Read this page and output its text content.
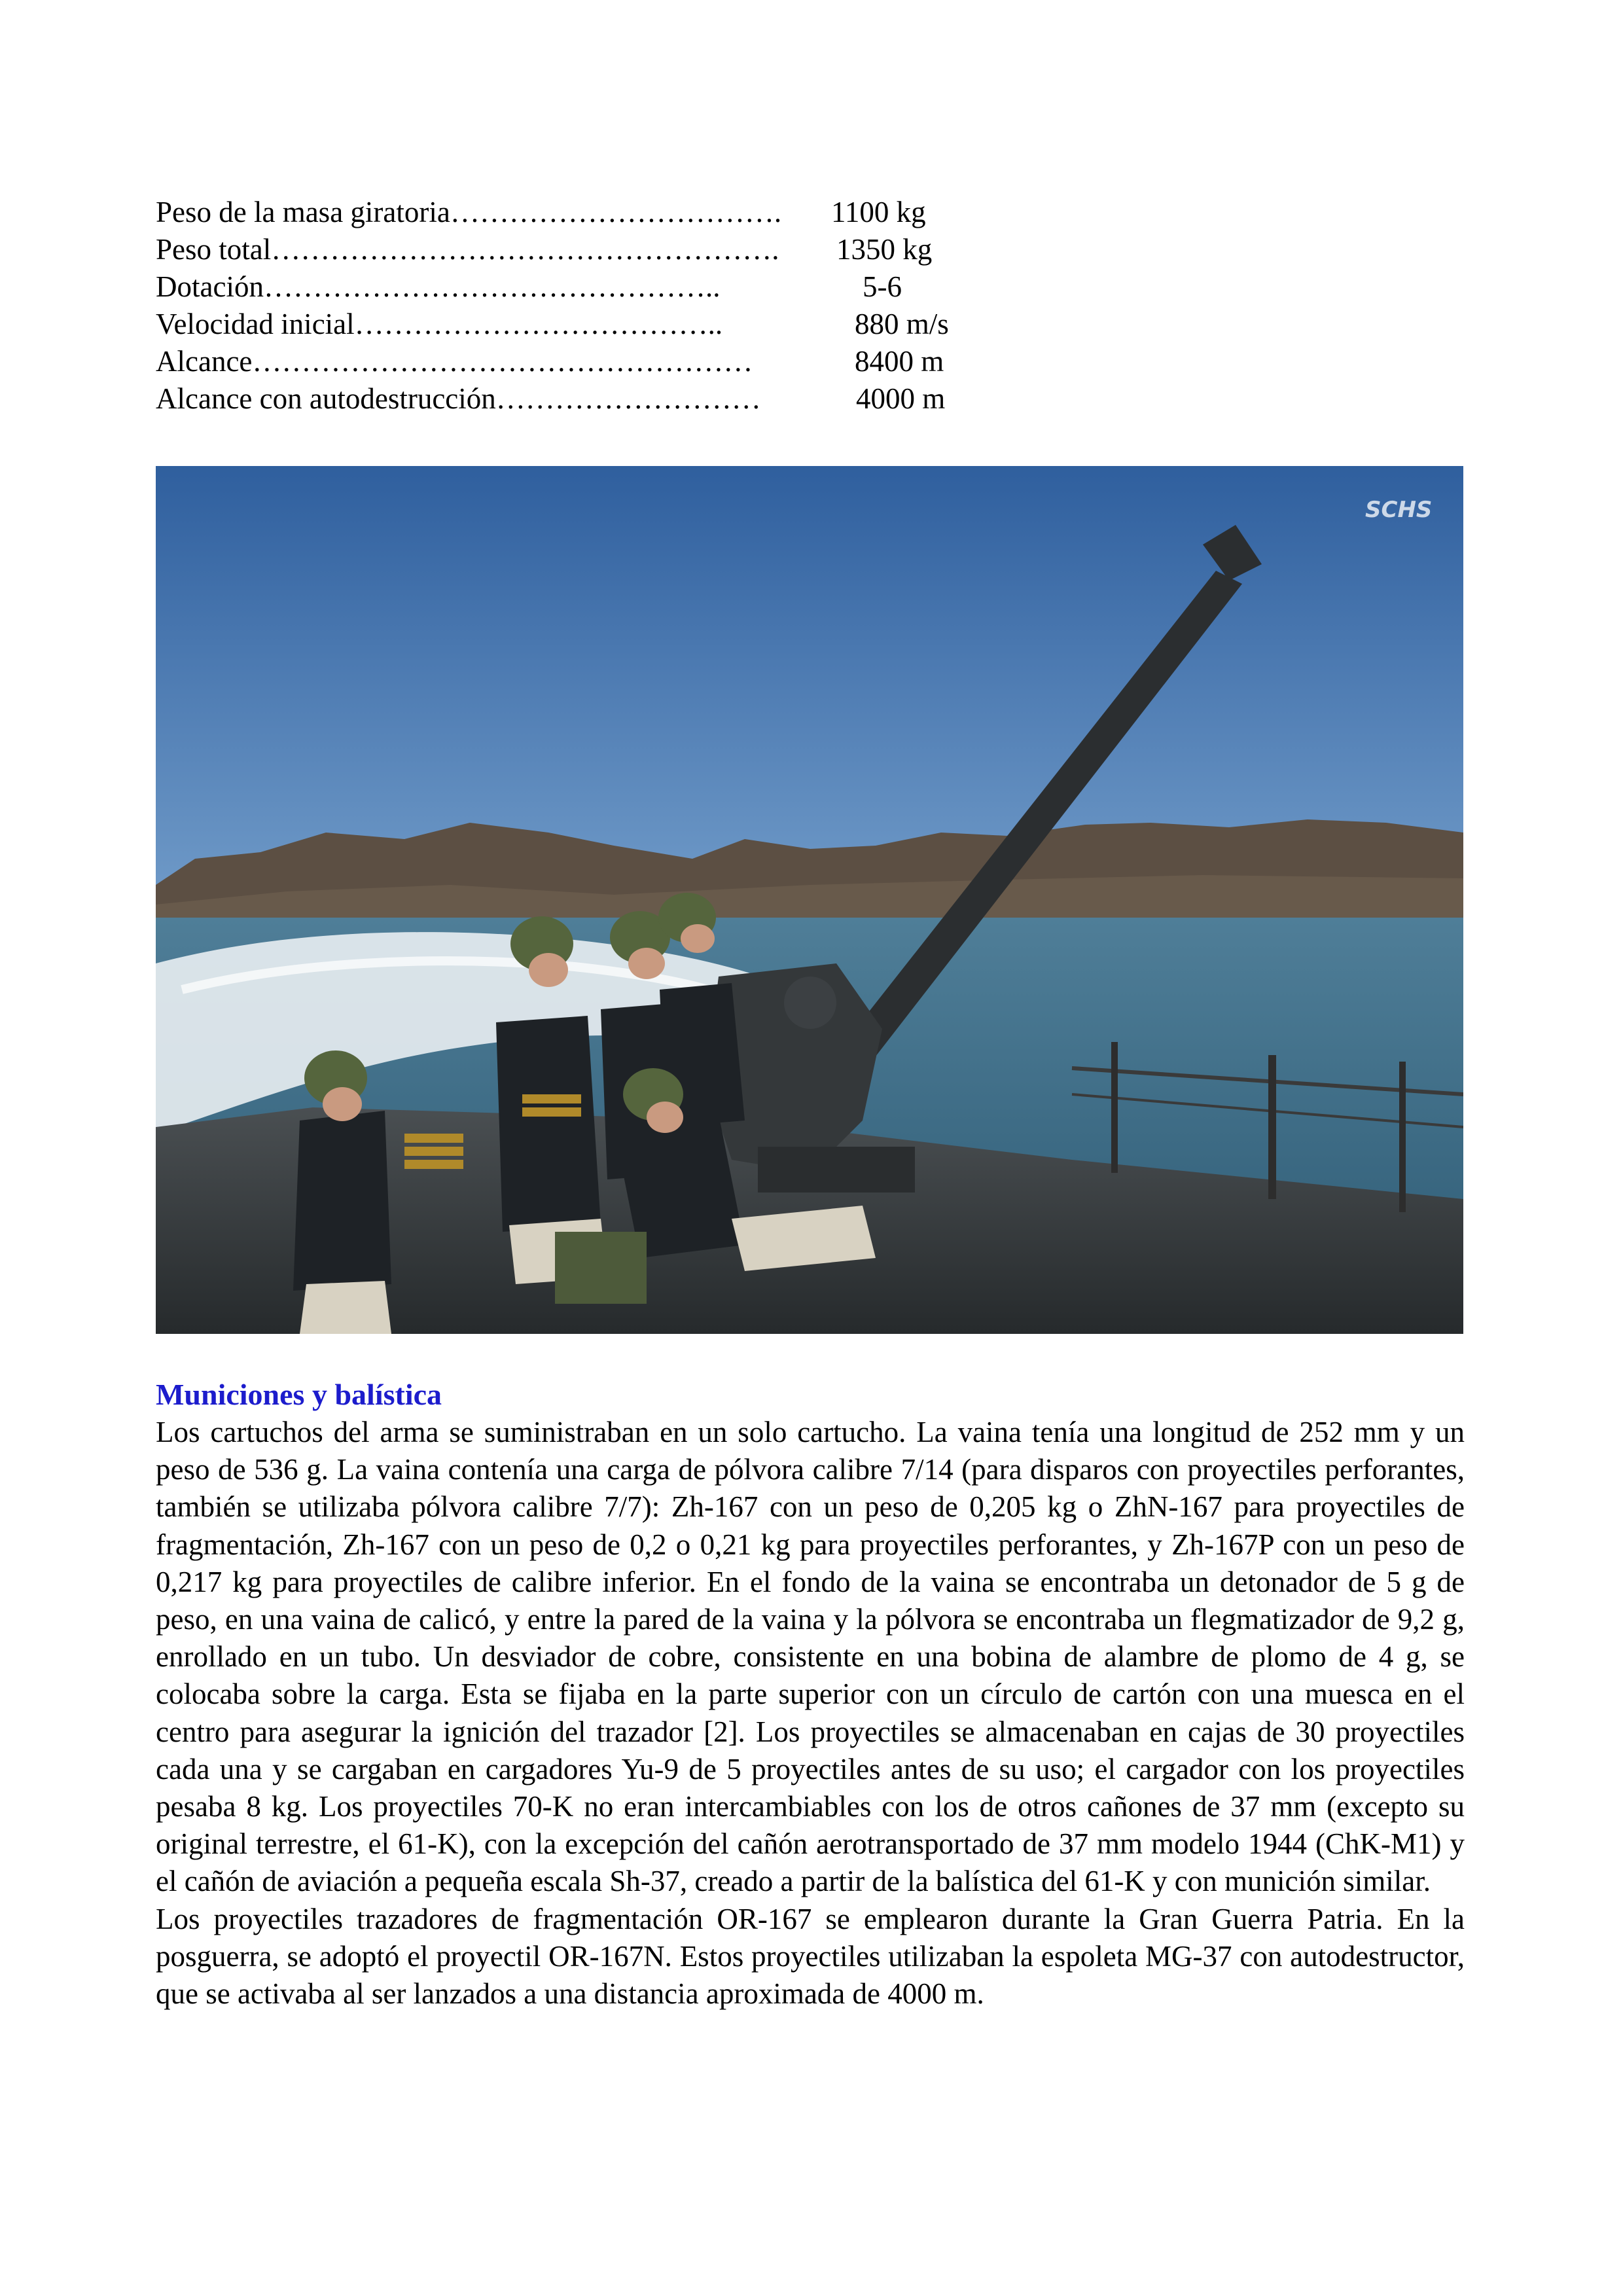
Peso de la masa giratoria……………………………. 1100 kg
Peso total……………………………………………. 1350 kg
Dotación………………………………………..	5-6
Velocidad inicial………………………………..	880 m/s
Alcance……………………………………………	8400 m
Alcance con autodestrucción………………………	4000 m
SCHS
Municiones y balística

Los cartuchos del arma se suministraban en un solo cartucho. La vaina tenía una longitud de 252 mm y un peso de 536 g. La vaina contenía una carga de pólvora calibre 7/14 (para disparos con proyectiles perforantes, también se utilizaba pólvora calibre 7/7): Zh-167 con un peso de 0,205 kg o ZhN-167 para proyectiles de fragmentación, Zh-167 con un peso de 0,2 o 0,21 kg para proyectiles perforantes, y Zh-167P con un peso de 0,217 kg para proyectiles de calibre inferior. En el fondo de la vaina se encontraba un detonador de 5 g de peso, en una vaina de calicó, y entre la pared de la vaina y la pólvora se encontraba un flegmatizador de 9,2 g, enrollado en un tubo. Un desviador de cobre, consistente en una bobina de alambre de plomo de 4 g, se colocaba sobre la carga. Esta se fijaba en la parte superior con un círculo de cartón con una muesca en el centro para asegurar la ignición del trazador [2]. Los proyectiles se almacenaban en cajas de 30 proyectiles cada una y se cargaban en cargadores Yu-9 de 5 proyectiles antes de su uso; el cargador con los proyectiles pesaba 8 kg. Los proyectiles 70-K no eran intercambiables con los de otros cañones de 37 mm (excepto su original terrestre, el 61-K), con la excepción del cañón aerotransportado de 37 mm modelo 1944 (ChK-M1) y el cañón de aviación a pequeña escala Sh-37, creado a partir de la balística del 61-K y con munición similar.

Los proyectiles trazadores de fragmentación OR-167 se emplearon durante la Gran Guerra Patria. En la posguerra, se adoptó el proyectil OR-167N. Estos proyectiles utilizaban la espoleta MG-37 con autodestructor, que se activaba al ser lanzados a una distancia aproximada de 4000 m.
